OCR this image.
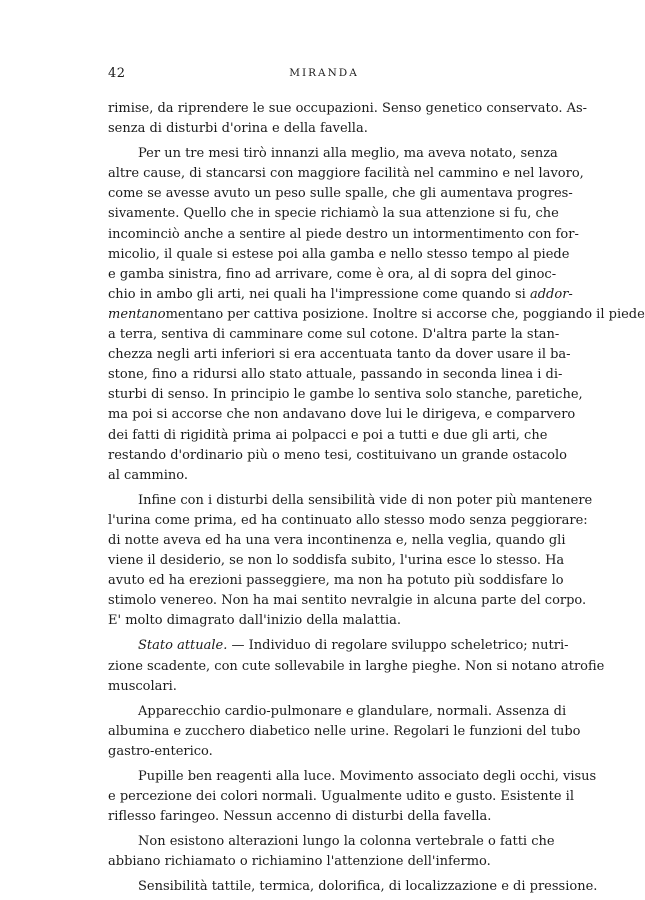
42	MIRANDA
rimise, da riprendere le sue occupazioni. Senso genetico conservato. As-
senza di disturbi d'orina e della favella.
Per un tre mesi tirò innanzi alla meglio, ma aveva notato, senza
altre cause, di stancarsi con maggiore facilità nel cammino e nel lavoro,
come se avesse avuto un peso sulle spalle, che gli aumentava progres-
sivamente. Quello che in specie richiamò la sua attenzione si fu, che
incominciò anche a sentire al piede destro un intormentimento con for-
micolio, il quale si estese poi alla gamba e nello stesso tempo al piede
e gamba sinistra, fino ad arrivare, come è ora, al di sopra del ginoc-
chio in ambo gli arti, nei quali ha l'impressione come quando si addor-
mentanomentano per cattiva posizione. Inoltre si accorse che, poggiando il piede
a terra, sentiva di camminare come sul cotone. D'altra parte la stan-
chezza negli arti inferiori si era accentuata tanto da dover usare il ba-
stone, fino a ridursi allo stato attuale, passando in seconda linea i di-
sturbi di senso. In principio le gambe lo sentiva solo stanche, paretiche,
ma poi si accorse che non andavano dove lui le dirigeva, e comparvero
dei fatti di rigidità prima ai polpacci e poi a tutti e due gli arti, che
restando d'ordinario più o meno tesi, costituivano un grande ostacolo
al cammino.
Infine con i disturbi della sensibilità vide di non poter più mantenere
l'urina come prima, ed ha continuato allo stesso modo senza peggiorare:
di notte aveva ed ha una vera incontinenza e, nella veglia, quando gli
viene il desiderio, se non lo soddisfa subito, l'urina esce lo stesso. Ha
avuto ed ha erezioni passeggiere, ma non ha potuto più soddisfare lo
stimolo venereo. Non ha mai sentito nevralgie in alcuna parte del corpo.
E' molto dimagrato dall'inizio della malattia.
Stato attuale. — Individuo di regolare sviluppo scheletrico; nutri-
zione scadente, con cute sollevabile in larghe pieghe. Non si notano atrofie
muscolari.
Apparecchio cardio-pulmonare e glandulare, normali. Assenza di
albumina e zucchero diabetico nelle urine. Regolari le funzioni del tubo
gastro-enterico.
Pupille ben reagenti alla luce. Movimento associato degli occhi, visus
e percezione dei colori normali. Ugualmente udito e gusto. Esistente il
riflesso faringeo. Nessun accenno di disturbi della favella.
Non esistono alterazioni lungo la colonna vertebrale o fatti che
abbiano richiamato o richiamino l'attenzione dell'infermo.
Sensibilità tattile, termica, dolorifica, di localizzazione e di pressione.
